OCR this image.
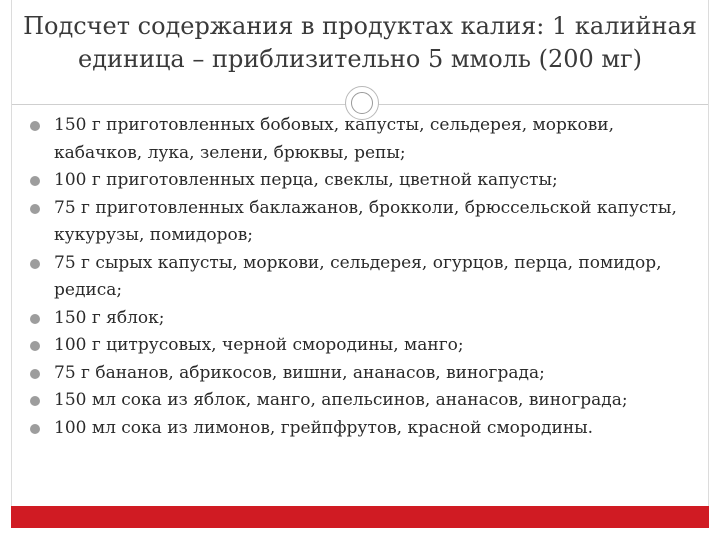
Подсчет содержания в продуктах калия: 1 калийная единица – приблизительно 5 ммоль (200 мг)
150 г приготовленных бобовых, капусты, сельдерея, моркови, кабачков, лука, зелени, брюквы, репы;
100 г приготовленных перца, свеклы, цветной капусты;
75 г приготовленных баклажанов, брокколи, брюссельской капусты, кукурузы, помидоров;
75 г сырых капусты, моркови, сельдерея, огурцов, перца, помидор, редиса;
150 г яблок;
100 г цитрусовых, черной смородины, манго;
75 г бананов, абрикосов, вишни, ананасов, винограда;
150 мл сока из яблок, манго, апельсинов, ананасов, винограда;
100 мл сока из лимонов, грейпфрутов, красной смородины.
